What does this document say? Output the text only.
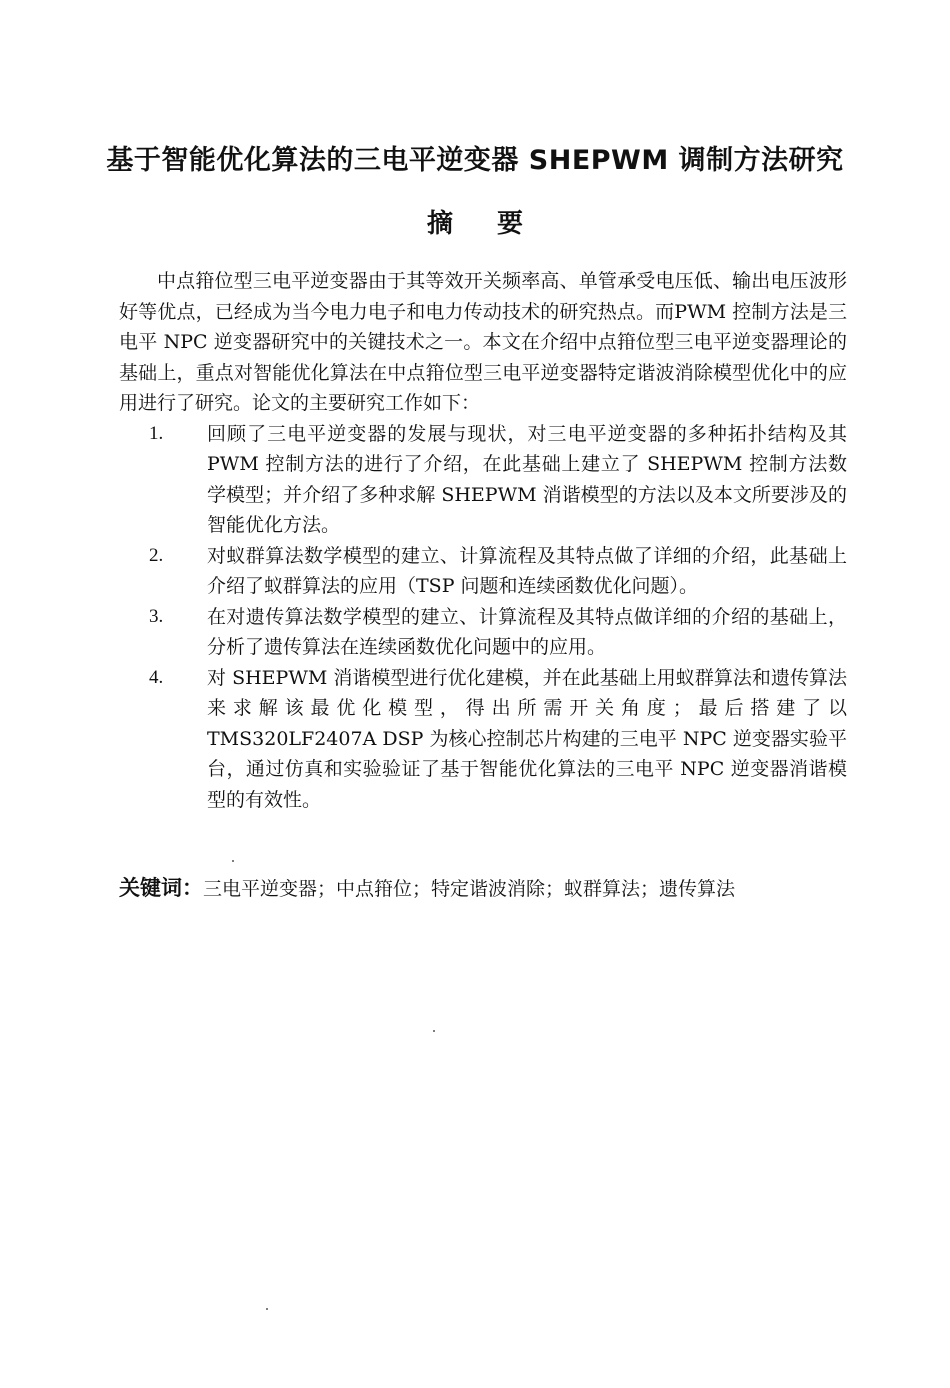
基于智能优化算法的三电平逆变器 SHEPWM 调制方法研究
摘要

中点箝位型三电平逆变器由于其等效开关频率高、单管承受电压低、输出电压波形好等优点，已经成为当今电力电子和电力传动技术的研究热点。而PWM 控制方法是三电平 NPC 逆变器研究中的关键技术之一。本文在介绍中点箝位型三电平逆变器理论的基础上，重点对智能优化算法在中点箝位型三电平逆变器特定谐波消除模型优化中的应用进行了研究。论文的主要研究工作如下：

1.	回顾了三电平逆变器的发展与现状，对三电平逆变器的多种拓扑结构及其 PWM 控制方法的进行了介绍，在此基础上建立了 SHEPWM 控制方法数学模型；并介绍了多种求解 SHEPWM 消谐模型的方法以及本文所要涉及的智能优化方法。
2.	对蚁群算法数学模型的建立、计算流程及其特点做了详细的介绍，此基础上介绍了蚁群算法的应用（TSP 问题和连续函数优化问题）。
3.	在对遗传算法数学模型的建立、计算流程及其特点做详细的介绍的基础上，分析了遗传算法在连续函数优化问题中的应用。
4.	对 SHEPWM 消谐模型进行优化建模，并在此基础上用蚁群算法和遗传算法来求解该最优化模型，得出所需开关角度；最后搭建了以TMS320LF2407A DSP 为核心控制芯片构建的三电平 NPC 逆变器实验平台，通过仿真和实验验证了基于智能优化算法的三电平 NPC 逆变器消谐模型的有效性。
关键词：三电平逆变器；中点箝位；特定谐波消除；蚁群算法；遗传算法
